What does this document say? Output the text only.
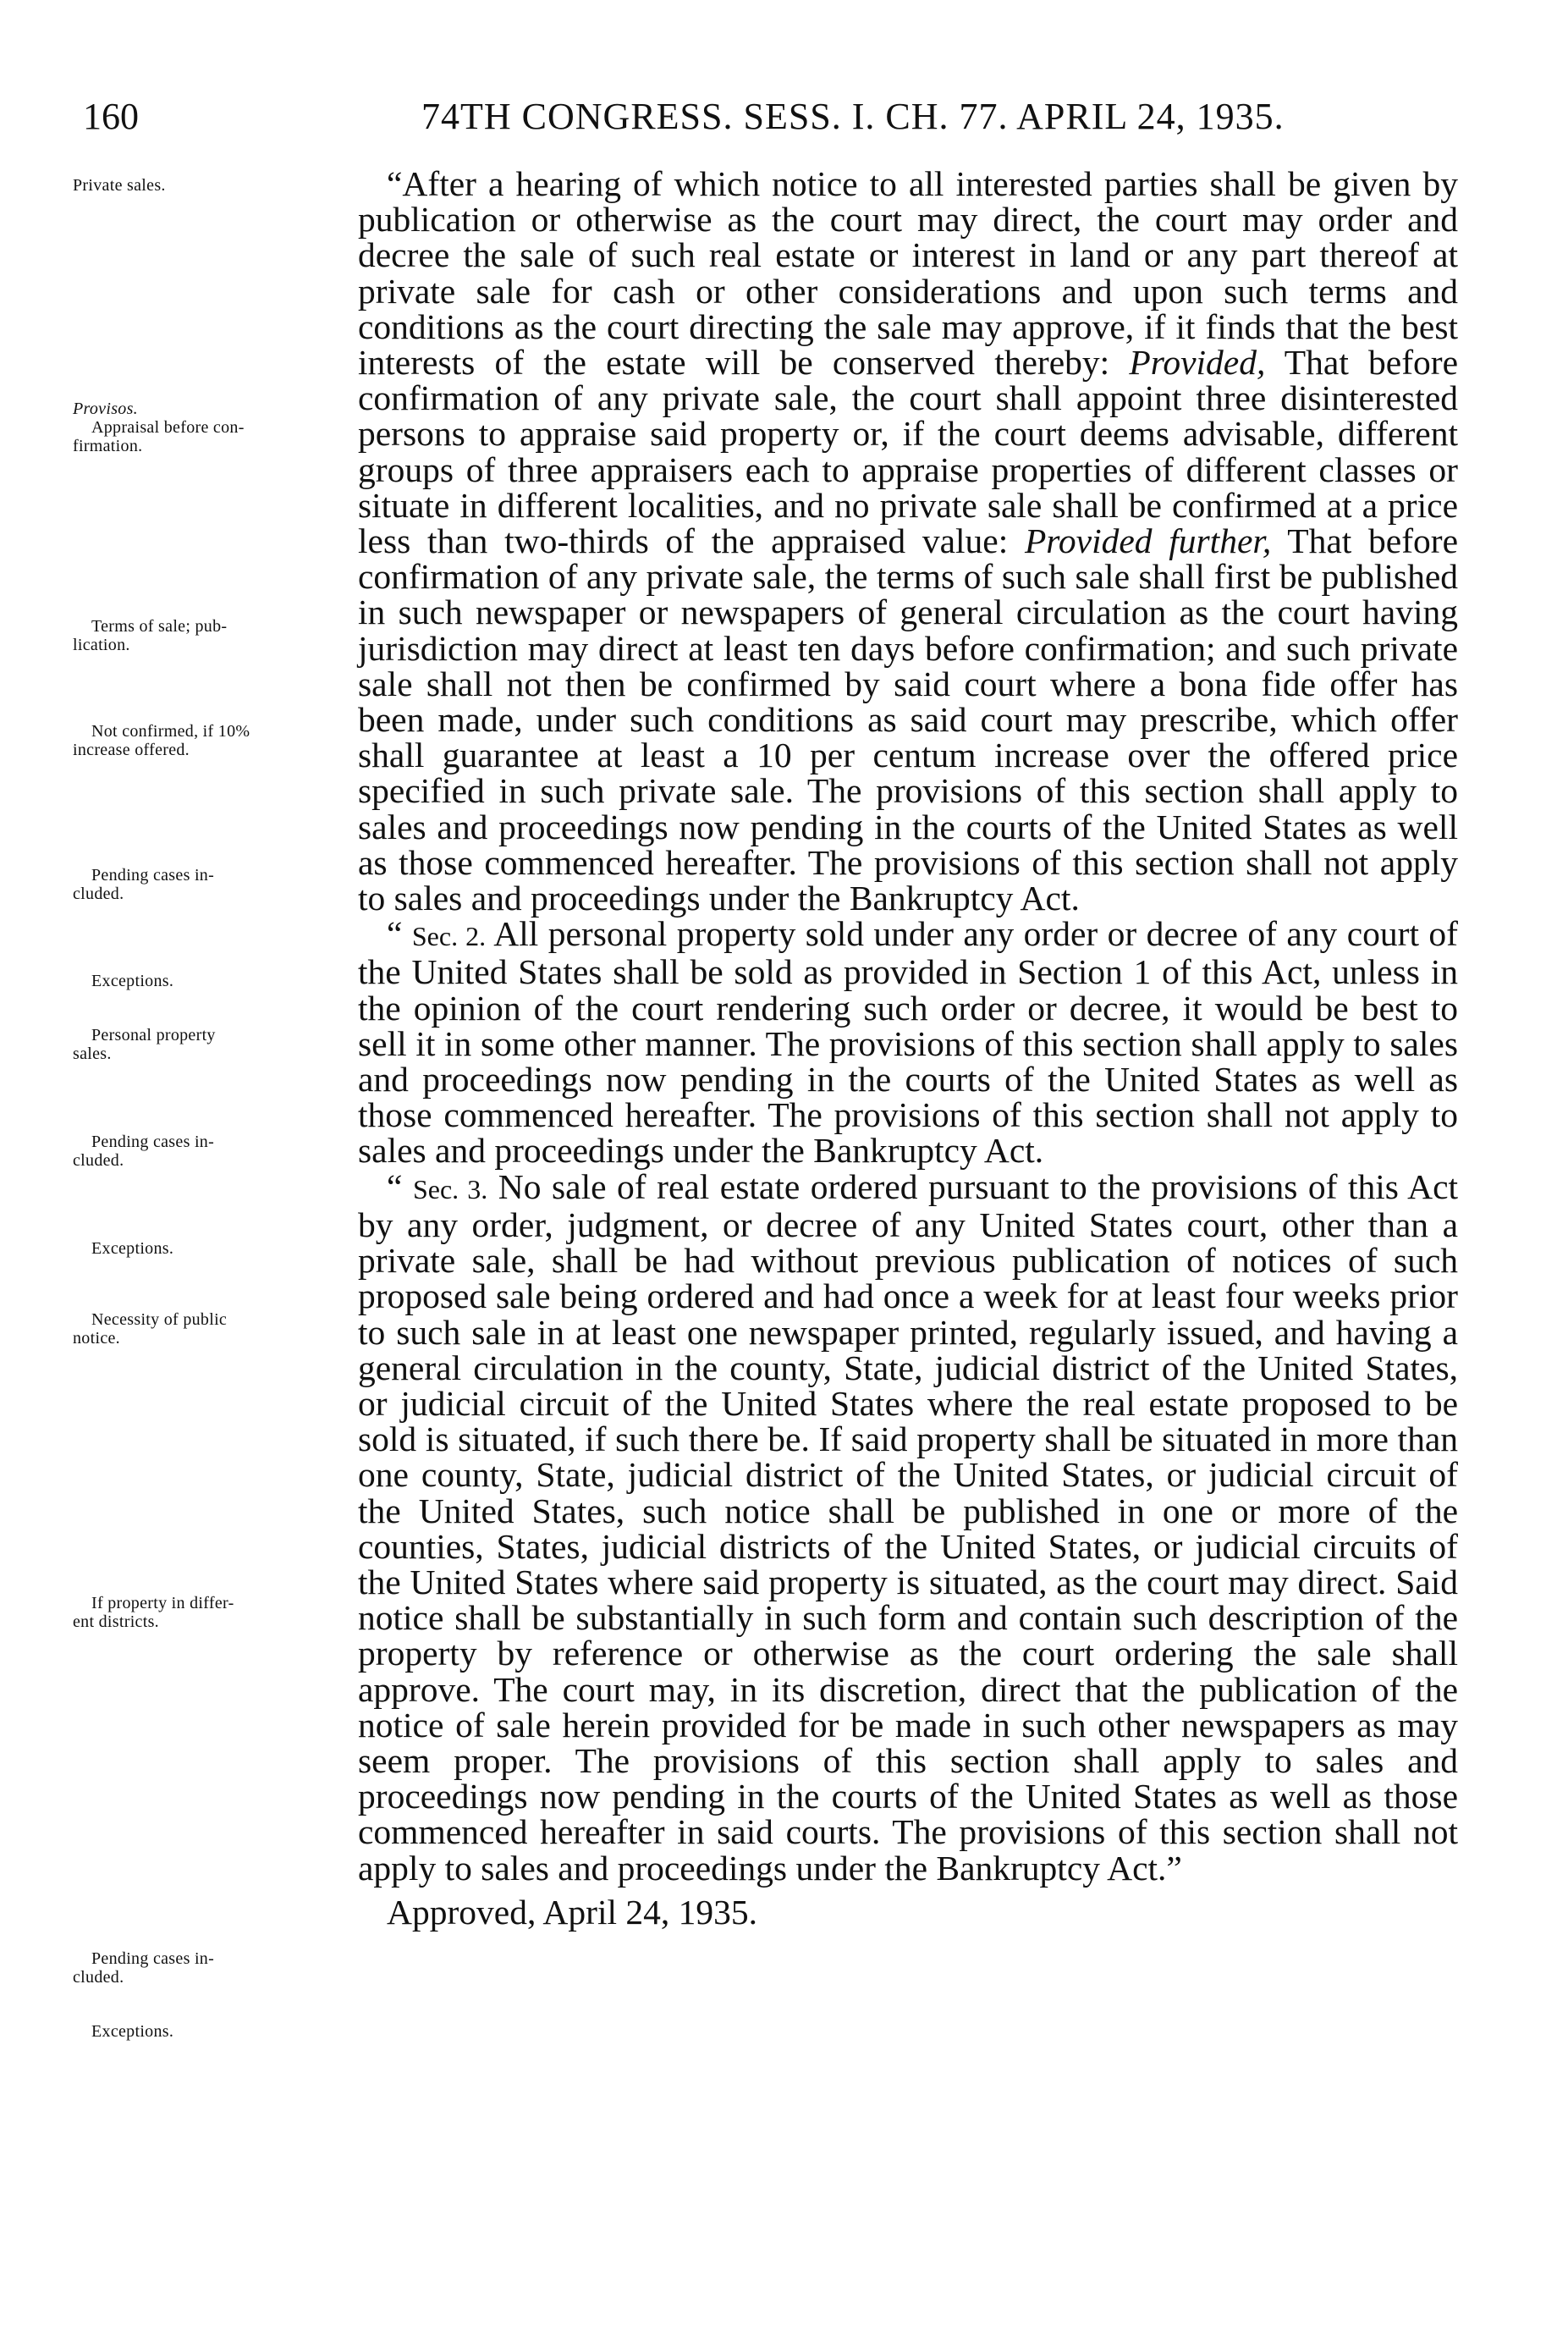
160	74TH CONGRESS. SESS. I. CH. 77. APRIL 24, 1935.
Private sales.
Provisos.
Appraisal before con-
firmation.
Terms of sale; pub-
lication.
Not confirmed, if 10%
increase offered.
Pending cases in-
cluded.
Exceptions.
Personal property
sales.
Pending cases in-
cluded.
Exceptions.
Necessity of public
notice.
If property in differ-
ent districts.
Pending cases in-
cluded.
Exceptions.

“After a hearing of which notice to all interested parties shall be given by publication or otherwise as the court may direct, the court may order and decree the sale of such real estate or interest in land or any part thereof at private sale for cash or other considerations and upon such terms and conditions as the court directing the sale may approve, if it finds that the best interests of the estate will be conserved thereby: Provided, That before confirmation of any private sale, the court shall appoint three disinterested persons to appraise said property or, if the court deems advisable, different groups of three appraisers each to appraise properties of different classes or situate in different localities, and no private sale shall be confirmed at a price less than two-thirds of the appraised value: Provided further, That before confirmation of any private sale, the terms of such sale shall first be published in such newspaper or newspapers of general circulation as the court having jurisdiction may direct at least ten days before confirmation; and such private sale shall not then be confirmed by said court where a bona fide offer has been made, under such conditions as said court may prescribe, which offer shall guarantee at least a 10 per centum increase over the offered price specified in such private sale. The provisions of this section shall apply to sales and proceedings now pending in the courts of the United States as well as those commenced hereafter. The provisions of this section shall not apply to sales and proceedings under the Bankruptcy Act.

“ Sec. 2. All personal property sold under any order or decree of any court of the United States shall be sold as provided in Section 1 of this Act, unless in the opinion of the court rendering such order or decree, it would be best to sell it in some other manner. The provisions of this section shall apply to sales and proceedings now pending in the courts of the United States as well as those commenced hereafter. The provisions of this section shall not apply to sales and proceedings under the Bankruptcy Act.

“ Sec. 3. No sale of real estate ordered pursuant to the provisions of this Act by any order, judgment, or decree of any United States court, other than a private sale, shall be had without previous publication of notices of such proposed sale being ordered and had once a week for at least four weeks prior to such sale in at least one newspaper printed, regularly issued, and having a general circulation in the county, State, judicial district of the United States, or judicial circuit of the United States where the real estate proposed to be sold is situated, if such there be. If said property shall be situated in more than one county, State, judicial district of the United States, or judicial circuit of the United States, such notice shall be published in one or more of the counties, States, judicial districts of the United States, or judicial circuits of the United States where said property is situated, as the court may direct. Said notice shall be substantially in such form and contain such description of the property by reference or otherwise as the court ordering the sale shall approve. The court may, in its discretion, direct that the publication of the notice of sale herein provided for be made in such other newspapers as may seem proper. The provisions of this section shall apply to sales and proceedings now pending in the courts of the United States as well as those commenced hereafter in said courts. The provisions of this section shall not apply to sales and proceedings under the Bankruptcy Act.”

Approved, April 24, 1935.
